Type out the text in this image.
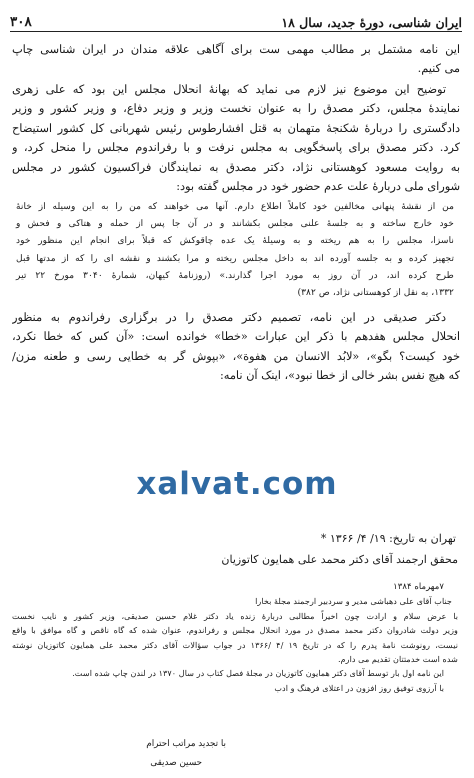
ایران شناسی، دورهٔ جدید، سال ۱۸
۳۰۸

این نامه مشتمل بر مطالب مهمی ست برای آگاهی علاقه مندان در ایران شناسی چاپ

می کنیم.

توضیح این موضوع نیز لازم می نماید که بهانهٔ انحلال مجلس این بود که علی زهری

نمایندهٔ مجلس، دکتر مصدق را به عنوان نخست وزیر و وزیر دفاع، و وزیر کشور و وزیر

دادگستری را دربارهٔ شکنجهٔ متهمان به قتل افشارطوس رئیس شهربانی کل کشور استیضاح

کرد. دکتر مصدق برای پاسخگویی به مجلس نرفت و با رفراندوم مجلس را منحل کرد، و

به روایت مسعود کوهستانی نژاد، دکتر مصدق به نمایندگان فراکسیون کشور در مجلس

شورای ملی دربارهٔ علت عدم حضور خود در مجلس گفته بود:

من از نقشهٔ پنهانی مخالفین خود کاملاً اطلاع دارم. آنها می خواهند که من را به این وسیله از خانهٔ

خود خارج ساخته و به جلسهٔ علنی مجلس بکشانند و در آن جا پس از حمله و هتاکی و فحش و

ناسزا، مجلس را به هم ریخته و به وسیلهٔ یک عده چاقوکش که قبلاً برای انجام این منظور خود

تجهیز کرده و به جلسه آورده اند به داخل مجلس ریخته و مرا بکشند و نقشه ای را که از مدتها قبل

طرح کرده اند، در آن روز به مورد اجرا گذارند.» (روزنامهٔ کیهان، شمارهٔ ۳۰۴۰ مورخ ۲۲ تیر

۱۳۳۲، به نقل از کوهستانی نژاد، ص ۳۸۲)

دکتر صدیقی در این نامه، تصمیم دکتر مصدق را در برگزاری رفراندوم به منظور

انحلال مجلس هفدهم با ذکر این عبارات «خطا» خوانده است: «آن کس که خطا نکرد،

خود کیست؟ بگو»، «لابُد الانسان من هفوة»، «بپوش گر به خطایی رسی و طعنه مزن/

که هیچ نفس بشر خالی از خطا نبود»، اینک آن نامه:

xalvat.com
تهران به تاریخ: ۱۹/ ۴/ ۱۳۶۶ *
محقق ارجمند آقای دکتر محمد علی همایون کاتوزیان
۷مهرماه ۱۳۸۴
جناب آقای علی دهباشی مدیر و سردبیر ارجمند مجلهٔ بخارا
با عرض سلام و ارادت چون اخیراً مطالبی دربارهٔ زنده یاد دکتر غلام حسین صدیقی، وزیر کشور و نایب نخست
وزیر دولت شادروان دکتر محمد مصدق در مورد انحلال مجلس و رفراندوم، عنوان شده که گاه ناقص و گاه موافق با واقع
نیست، رونوشت نامهٔ پدرم را که در تاریخ ۱۹ /۴ /۱۳۶۶ در جواب سؤالات آقای دکتر محمد علی همایون کاتوزیان نوشته
شده است خدمتتان تقدیم می دارم.
این نامه اول بار توسط آقای دکتر همایون کاتوزیان در مجلهٔ فصل کتاب در سال ۱۳۷۰ در لندن چاپ شده است.
با آرزوی توفیق روز افزون در اعتلای فرهنگ و ادب
با تجدید مراتب احترام
حسین صدیقی
